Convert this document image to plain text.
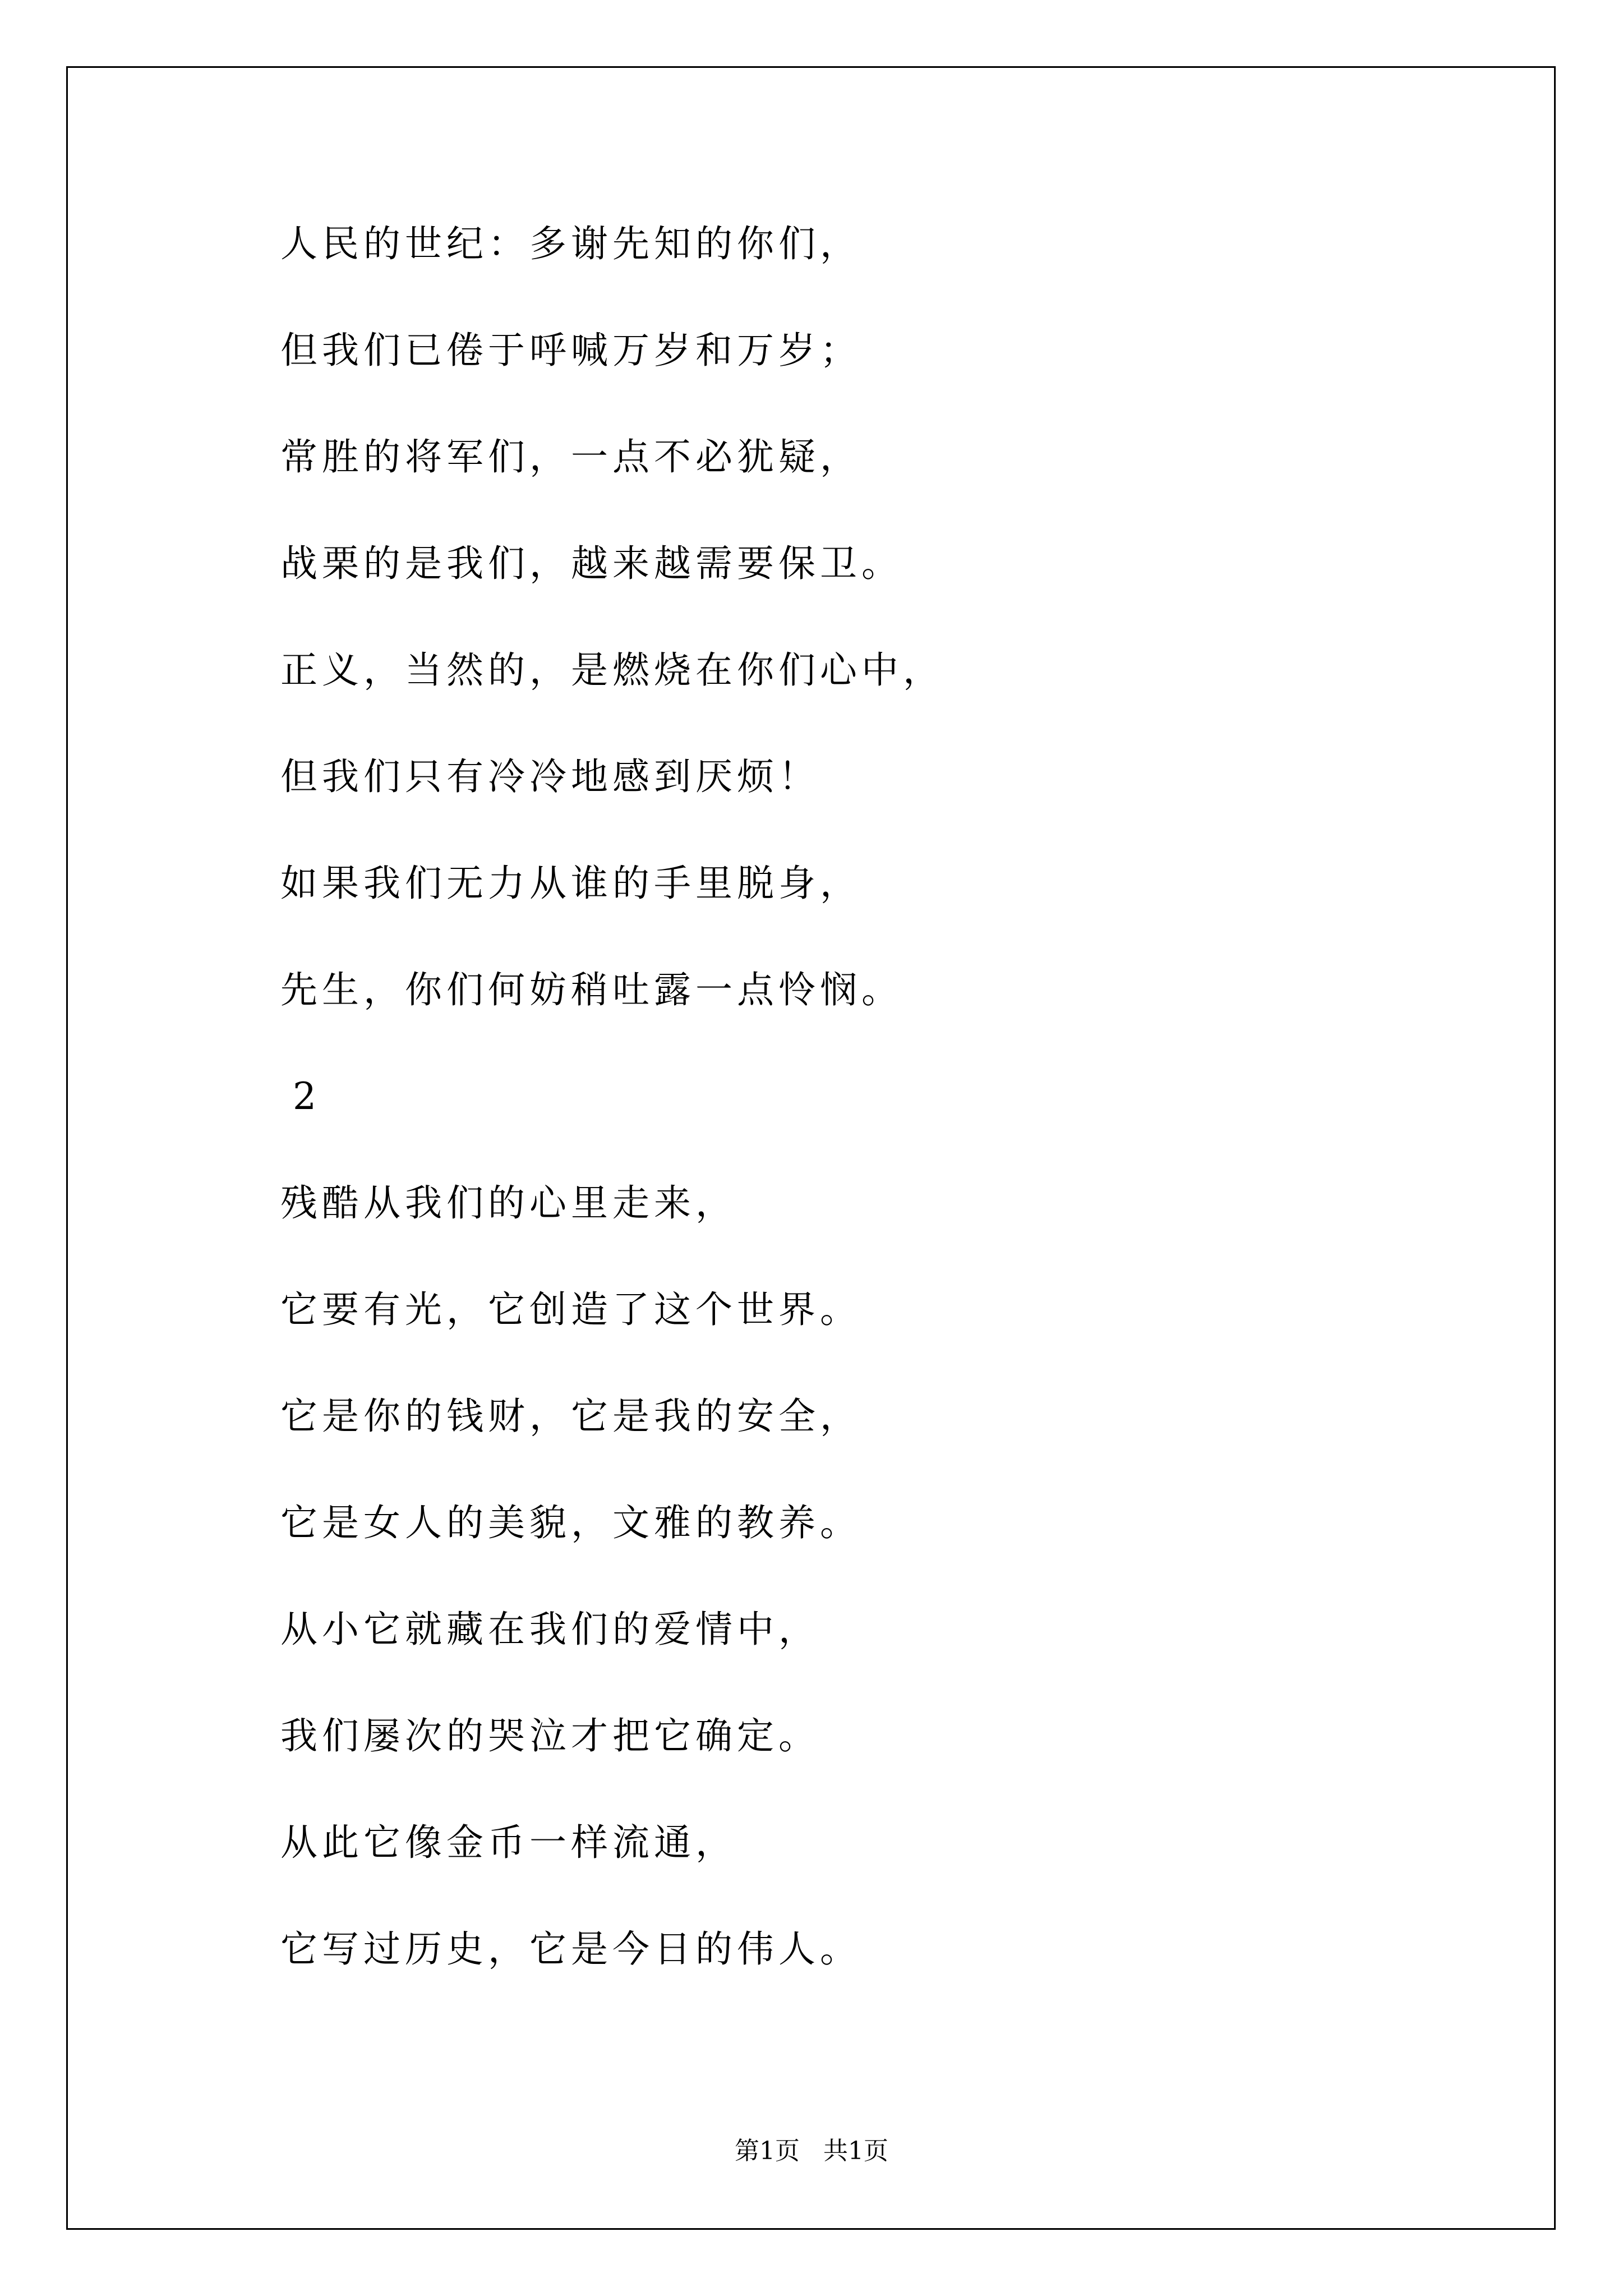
人民的世纪：多谢先知的你们，
但我们已倦于呼喊万岁和万岁；
常胜的将军们，一点不必犹疑，
战栗的是我们，越来越需要保卫。
正义，当然的，是燃烧在你们心中，
但我们只有冷冷地感到厌烦！
如果我们无力从谁的手里脱身，
先生，你们何妨稍吐露一点怜悯。
2
残酷从我们的心里走来，
它要有光，它创造了这个世界。
它是你的钱财，它是我的安全，
它是女人的美貌，文雅的教养。
从小它就藏在我们的爱情中，
我们屡次的哭泣才把它确定。
从此它像金币一样流通，
它写过历史，它是今日的伟人。
第1页   共1页
